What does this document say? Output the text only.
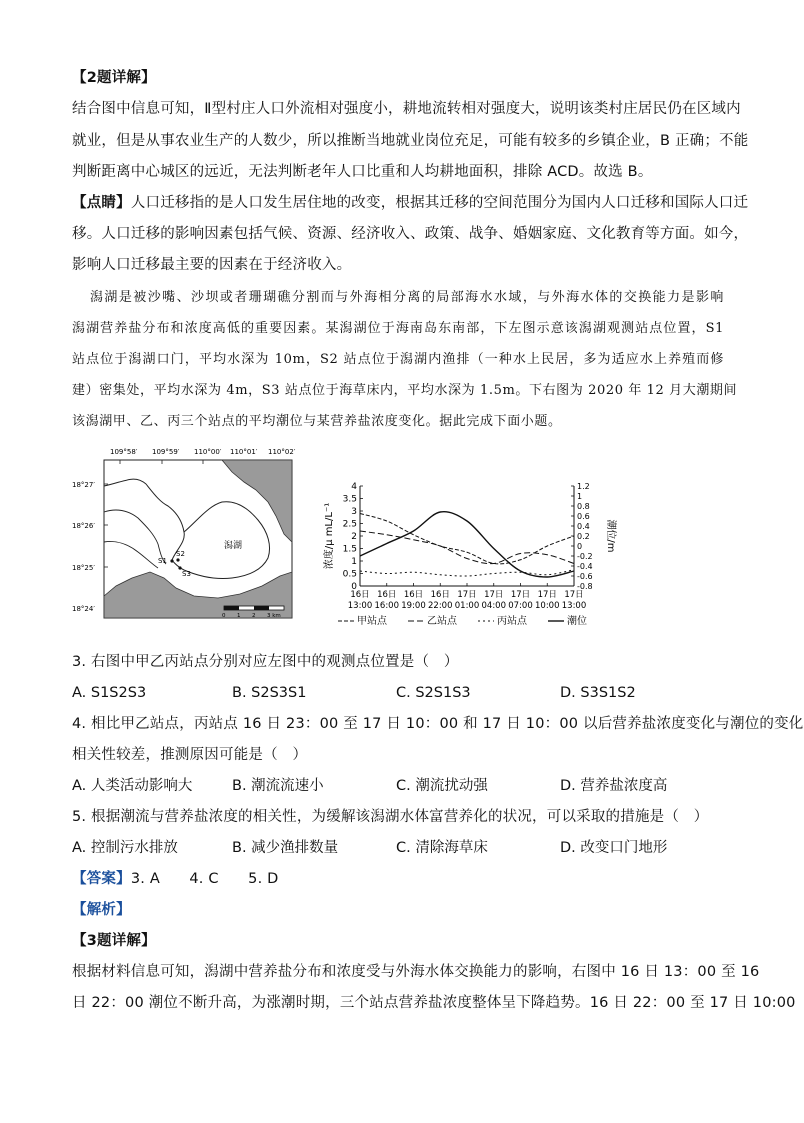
【2题详解】
结合图中信息可知，Ⅱ型村庄人口外流相对强度小，耕地流转相对强度大，说明该类村庄居民仍在区域内
就业，但是从事农业生产的人数少，所以推断当地就业岗位充足，可能有较多的乡镇企业，B 正确；不能
判断距离中心城区的远近，无法判断老年人口比重和人均耕地面积，排除 ACD。故选 B。
【点睛】人口迁移指的是人口发生居住地的改变，根据其迁移的空间范围分为国内人口迁移和国际人口迁
移。人口迁移的影响因素包括气候、资源、经济收入、政策、战争、婚姻家庭、文化教育等方面。如今，
影响人口迁移最主要的因素在于经济收入。
潟湖是被沙嘴、沙坝或者珊瑚礁分割而与外海相分离的局部海水水域，与外海水体的交换能力是影响
潟湖营养盐分布和浓度高低的重要因素。某潟湖位于海南岛东南部，下左图示意该潟湖观测站点位置，S1
站点位于潟湖口门，平均水深为 10m，S2 站点位于潟湖内渔排（一种水上民居，多为适应水上养殖而修
建）密集处，平均水深为 4m，S3 站点位于海草床内，平均水深为 1.5m。下右图为 2020 年 12 月大潮期间
该潟湖甲、乙、丙三个站点的平均潮位与某营养盐浓度变化。据此完成下面小题。
109°58′ 109°59′ 110°00′ 110°01′ 110°02′
18°27′
18°26′
18°25′
18°24′
潟湖
S1
S2
S3
0 1 2 3 km
0
0.5
1
1.5
2
2.5
3
3.5
4	1.2
1
0.8
0.6
0.4
0.2
0
-0.2
-0.4
-0.6
-0.8
浓度/μ mL/L⁻¹	潮位/m
16日
13:00
16日
16:00
16日
19:00
16日
22:00
17日
01:00
17日
04:00
17日
07:00
17日
10:00
17日
13:00
甲站点	乙站点	丙站点	潮位
3. 右图中甲乙丙站点分别对应左图中的观测点位置是（　）
A. S1S2S3	B. S2S3S1	C. S2S1S3	D. S3S1S2
4. 相比甲乙站点，丙站点 16 日 23：00 至 17 日 10：00 和 17 日 10：00 以后营养盐浓度变化与潮位的变化
相关性较差，推测原因可能是（　）
A. 人类活动影响大	B. 潮流流速小	C. 潮流扰动强	D. 营养盐浓度高
5. 根据潮流与营养盐浓度的相关性，为缓解该潟湖水体富营养化的状况，可以采取的措施是（　）
A. 控制污水排放	B. 减少渔排数量	C. 清除海草床	D. 改变口门地形
【答案】3. A　　4. C　　5. D
【解析】
【3题详解】
根据材料信息可知，潟湖中营养盐分布和浓度受与外海水体交换能力的影响，右图中 16 日 13：00 至 16
日 22：00 潮位不断升高，为涨潮时期，三个站点营养盐浓度整体呈下降趋势。16 日 22：00 至 17 日 10:00
